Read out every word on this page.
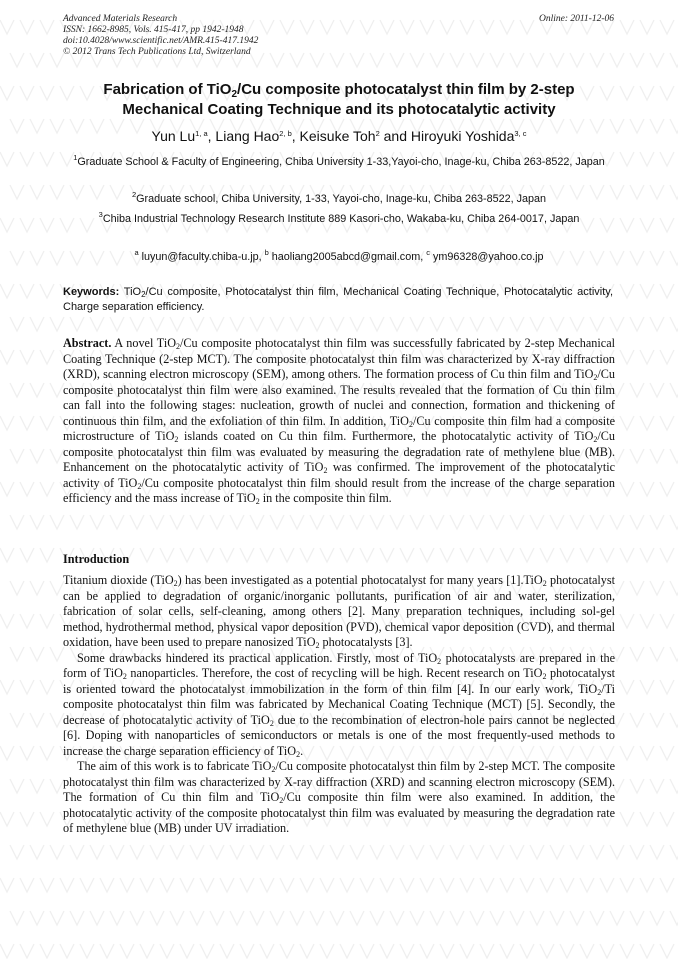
Advanced Materials Research
ISSN: 1662-8985, Vols. 415-417, pp 1942-1948
doi:10.4028/www.scientific.net/AMR.415-417.1942
© 2012 Trans Tech Publications Ltd, Switzerland
Online: 2011-12-06
Fabrication of TiO$_2$/Cu composite photocatalyst thin film by 2-step
Mechanical Coating Technique and its photocatalytic activity
Yun Lu$^{1, a}$, Liang Hao$^{2, b}$, Keisuke Toh$^2$ and Hiroyuki Yoshida$^{3, c}$
$^1$Graduate School & Faculty of Engineering, Chiba University 1-33,Yayoi-cho, Inage-ku, Chiba 263-8522, Japan
$^2$Graduate school, Chiba University, 1-33, Yayoi-cho, Inage-ku, Chiba 263-8522, Japan
$^3$Chiba Industrial Technology Research Institute 889 Kasori-cho, Wakaba-ku, Chiba 264-0017, Japan
$^a$ luyun@faculty.chiba-u.jp, $^b$ haoliang2005abcd@gmail.com, $^c$ ym96328@yahoo.co.jp
Keywords: TiO$_2$/Cu composite, Photocatalyst thin film, Mechanical Coating Technique, Photocatalytic activity, Charge separation efficiency.

Abstract. A novel TiO$_2$/Cu composite photocatalyst thin film was successfully fabricated by 2-step Mechanical Coating Technique (2-step MCT). The composite photocatalyst thin film was characterized by X-ray diffraction (XRD), scanning electron microscopy (SEM), among others. The formation process of Cu thin film and TiO$_2$/Cu composite photocatalyst thin film were also examined. The results revealed that the formation of Cu thin film can fall into the following stages: nucleation, growth of nuclei and connection, formation and thickening of continuous thin film, and the exfoliation of thin film. In addition, TiO$_2$/Cu composite thin film had a composite microstructure of TiO$_2$ islands coated on Cu thin film. Furthermore, the photocatalytic activity of TiO$_2$/Cu composite photocatalyst thin film was evaluated by measuring the degradation rate of methylene blue (MB). Enhancement on the photocatalytic activity of TiO$_2$ was confirmed. The improvement of the photocatalytic activity of TiO$_2$/Cu composite photocatalyst thin film should result from the increase of the charge separation efficiency and the mass increase of TiO$_2$ in the composite thin film.

Introduction

Titanium dioxide (TiO$_2$) has been investigated as a potential photocatalyst for many years [1].TiO$_2$ photocatalyst can be applied to degradation of organic/inorganic pollutants, purification of air and water, sterilization, fabrication of solar cells, self-cleaning, among others [2]. Many preparation techniques, including sol-gel method, hydrothermal method, physical vapor deposition (PVD), chemical vapor deposition (CVD), and thermal oxidation, have been used to prepare nanosized TiO$_2$ photocatalysts [3].

Some drawbacks hindered its practical application. Firstly, most of TiO$_2$ photocatalysts are prepared in the form of TiO$_2$ nanoparticles. Therefore, the cost of recycling will be high. Recent research on TiO$_2$ photocatalyst is oriented toward the photocatalyst immobilization in the form of thin film [4]. In our early work, TiO$_2$/Ti composite photocatalyst thin film was fabricated by Mechanical Coating Technique (MCT) [5]. Secondly, the decrease of photocatalytic activity of TiO$_2$ due to the recombination of electron-hole pairs cannot be neglected [6]. Doping with nanoparticles of semiconductors or metals is one of the most frequently-used methods to increase the charge separation efficiency of TiO$_2$.

The aim of this work is to fabricate TiO$_2$/Cu composite photocatalyst thin film by 2-step MCT. The composite photocatalyst thin film was characterized by X-ray diffraction (XRD) and scanning electron microscopy (SEM). The formation of Cu thin film and TiO$_2$/Cu composite thin film were also examined. In addition, the photocatalytic activity of the composite photocatalyst thin film was evaluated by measuring the degradation rate of methylene blue (MB) under UV irradiation.
